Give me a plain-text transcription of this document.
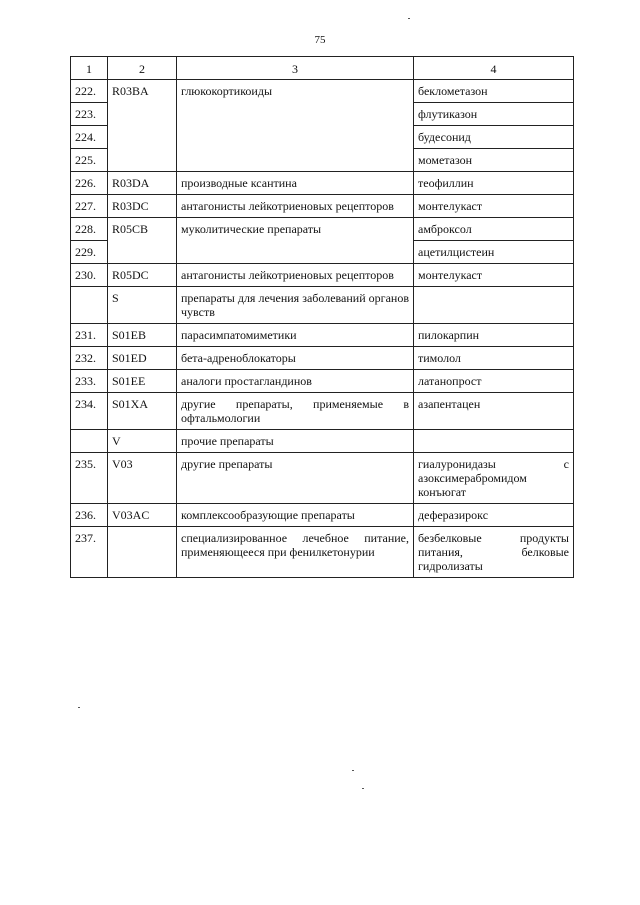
75
1	2	3	4
222.	R03BA	глюкокортикоиды	беклометазон
223.			флутиказон
224.			будесонид
225.			мометазон
226.	R03DA	производные ксантина	теофиллин
227.	R03DC	антагонисты лейкотриеновых рецепторов	монтелукаст
228.	R05CB	муколитические препараты	амброксол
229.			ацетилцистеин
230.	R05DC	антагонисты лейкотриеновых рецепторов	монтелукаст
	S	препараты для лечения заболеваний органов чувств	
231.	S01EB	парасимпатомиметики	пилокарпин
232.	S01ED	бета-адреноблокаторы	тимолол
233.	S01EE	аналоги простагландинов	латанопрост
234.	S01XA	другие препараты, применяемые в офтальмологии	азапентацен
	V	прочие препараты	
235.	V03	другие препараты	гиалуронидазы с азоксимерабромидом конъюгат
236.	V03AC	комплексообразующие препараты	деферазирокс
237.		специализированное лечебное питание, применяющееся при фенилкетонурии	безбелковые продукты питания, белковые гидролизаты
